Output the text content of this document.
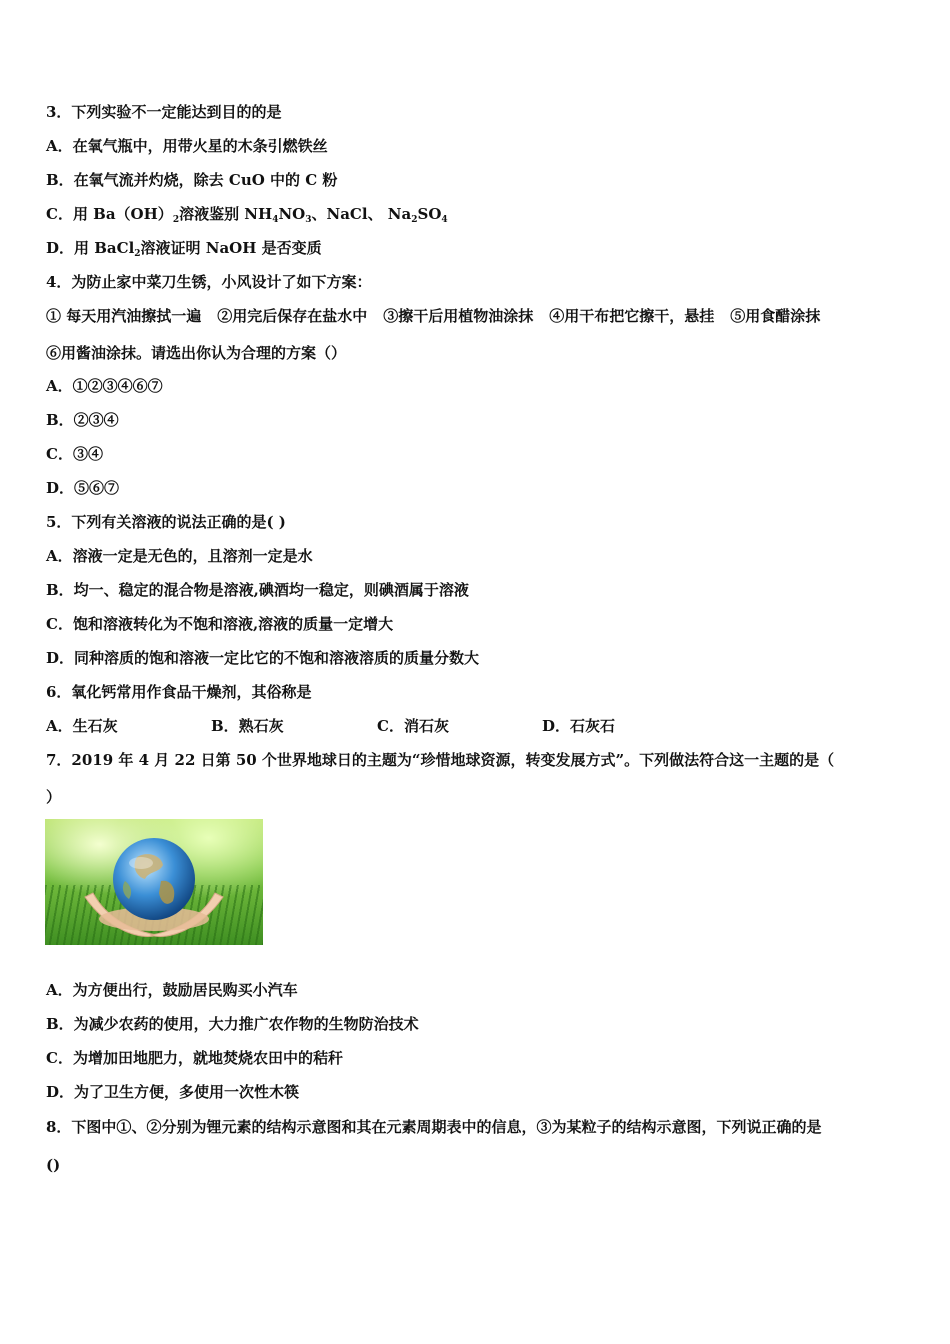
3．下列实验不一定能达到目的的是
A．在氧气瓶中，用带火星的木条引燃铁丝
B．在氧气流并灼烧，除去 CuO 中的 C 粉
C．用 $Ba(OH)_2$溶液鉴别 $NH_4NO_3$、NaCl、 $Na_2SO_4$
D．用 BaCl$_2$溶液证明 NaOH 是否变质
4．为防止家中菜刀生锈，小风设计了如下方案：
① 每天用汽油擦拭一遍 ②用完后保存在盐水中 ③擦干后用植物油涂抹 ④用干布把它擦干，悬挂 ⑤用食醋涂抹
⑥用酱油涂抹。请选出你认为合理的方案（）
A．①②③④⑥⑦
B．②③④
C．③④
D．⑤⑥⑦
5．下列有关溶液的说法正确的是( )
A．溶液一定是无色的，且溶剂一定是水
B．均一、稳定的混合物是溶液,碘酒均一稳定，则碘酒属于溶液
C．饱和溶液转化为不饱和溶液,溶液的质量一定增大
D．同种溶质的饱和溶液一定比它的不饱和溶液溶质的质量分数大
6．氧化钙常用作食品干燥剂，其俗称是
A．生石灰	B．熟石灰	C．消石灰	D．石灰石
7．2019 年 4 月 22 日第 50 个世界地球日的主题为“珍惜地球资源，转变发展方式”。下列做法符合这一主题的是（
）
A．为方便出行，鼓励居民购买小汽车
B．为减少农药的使用，大力推广农作物的生物防治技术
C．为增加田地肥力，就地焚烧农田中的秸秆
D．为了卫生方便，多使用一次性木筷
8．下图中①、②分别为锂元素的结构示意图和其在元素周期表中的信息，③为某粒子的结构示意图，下列说正确的是
()
